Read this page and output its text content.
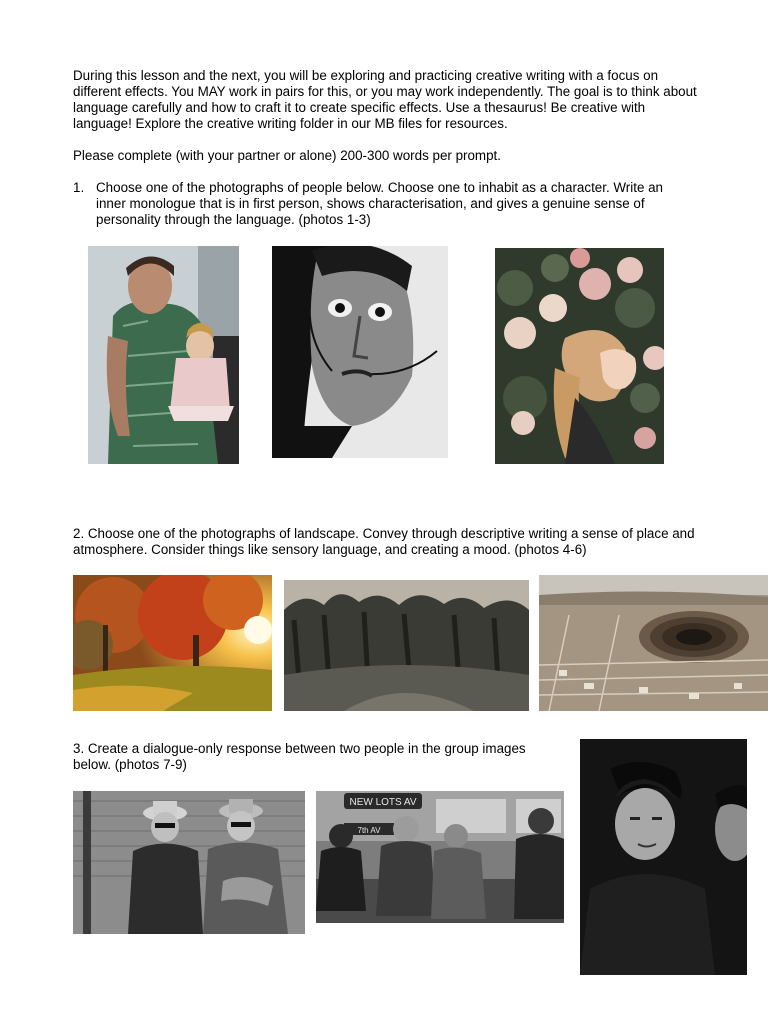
During this lesson and the next, you will be exploring and practicing creative writing with a focus on different effects. You MAY work in pairs for this, or you may work independently. The goal is to think about language carefully and how to craft it to create specific effects. Use a thesaurus! Be creative with language! Explore the creative writing folder in our MB files for resources.

Please complete (with your partner or alone) 200-300 words per prompt.

1. Choose one of the photographs of people below. Choose one to inhabit as a character. Write an inner monologue that is in first person, shows characterisation, and gives a genuine sense of personality through the language. (photos 1-3)

2. Choose one of the photographs of landscape. Convey through descriptive writing a sense of place and atmosphere. Consider things like sensory language, and creating a mood. (photos 4-6)

3. Create a dialogue-only response between two people in the group images below. (photos 7-9)

NEW LOTS AV
7th AV
